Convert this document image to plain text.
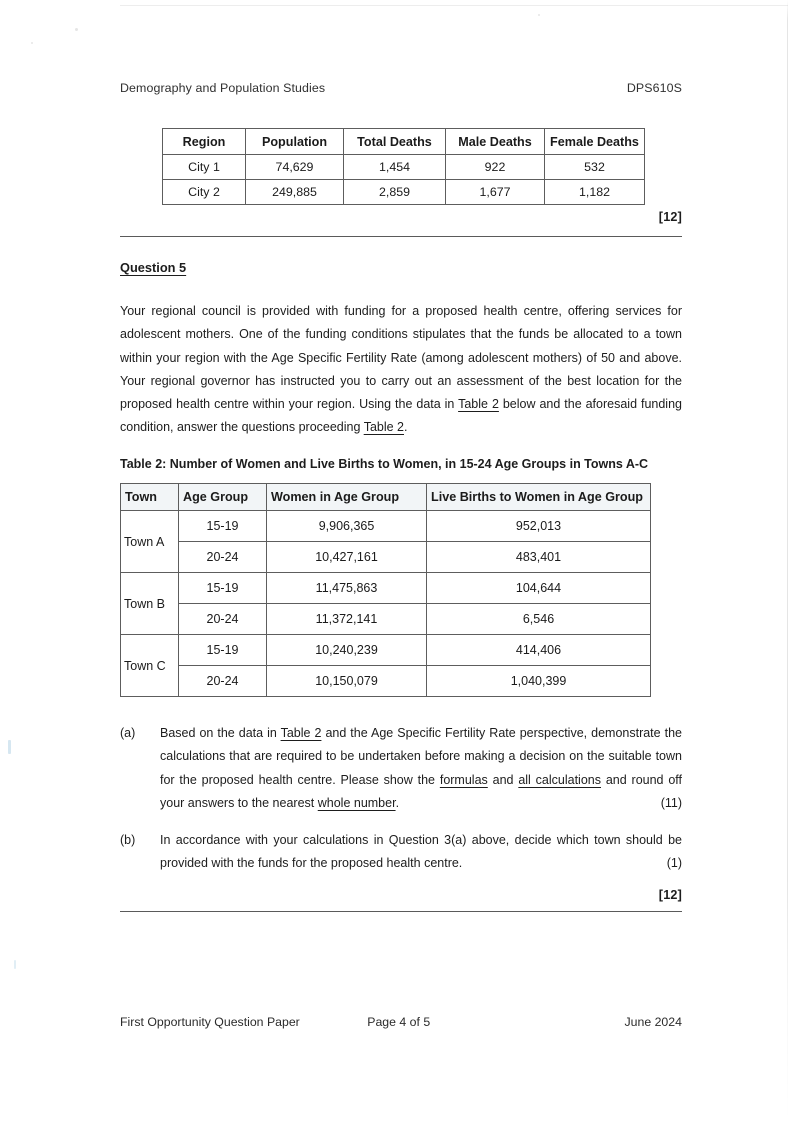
Demography and Population Studies	DPS610S
Region	Population	Total Deaths	Male Deaths	Female Deaths
City 1	74,629	1,454	922	532
City 2	249,885	2,859	1,677	1,182
[12]
Question 5
Your regional council is provided with funding for a proposed health centre, offering services for adolescent mothers. One of the funding conditions stipulates that the funds be allocated to a town within your region with the Age Specific Fertility Rate (among adolescent mothers) of 50 and above. Your regional governor has instructed you to carry out an assessment of the best location for the proposed health centre within your region. Using the data in Table 2 below and the aforesaid funding condition, answer the questions proceeding Table 2.
Table 2: Number of Women and Live Births to Women, in 15-24 Age Groups in Towns A-C
Town	Age Group	Women in Age Group	Live Births to Women in Age Group
Town A	15-19	9,906,365	952,013
	20-24	10,427,161	483,401
Town B	15-19	11,475,863	104,644
	20-24	11,372,141	6,546
Town C	15-19	10,240,239	414,406
	20-24	10,150,079	1,040,399
(a)	Based on the data in Table 2 and the Age Specific Fertility Rate perspective, demonstrate the calculations that are required to be undertaken before making a decision on the suitable town for the proposed health centre. Please show the formulas and all calculations and round off your answers to the nearest whole number.	(11)
(b)	In accordance with your calculations in Question 3(a) above, decide which town should be provided with the funds for the proposed health centre.	(1)
[12]
First Opportunity Question Paper	Page 4 of 5	June 2024
